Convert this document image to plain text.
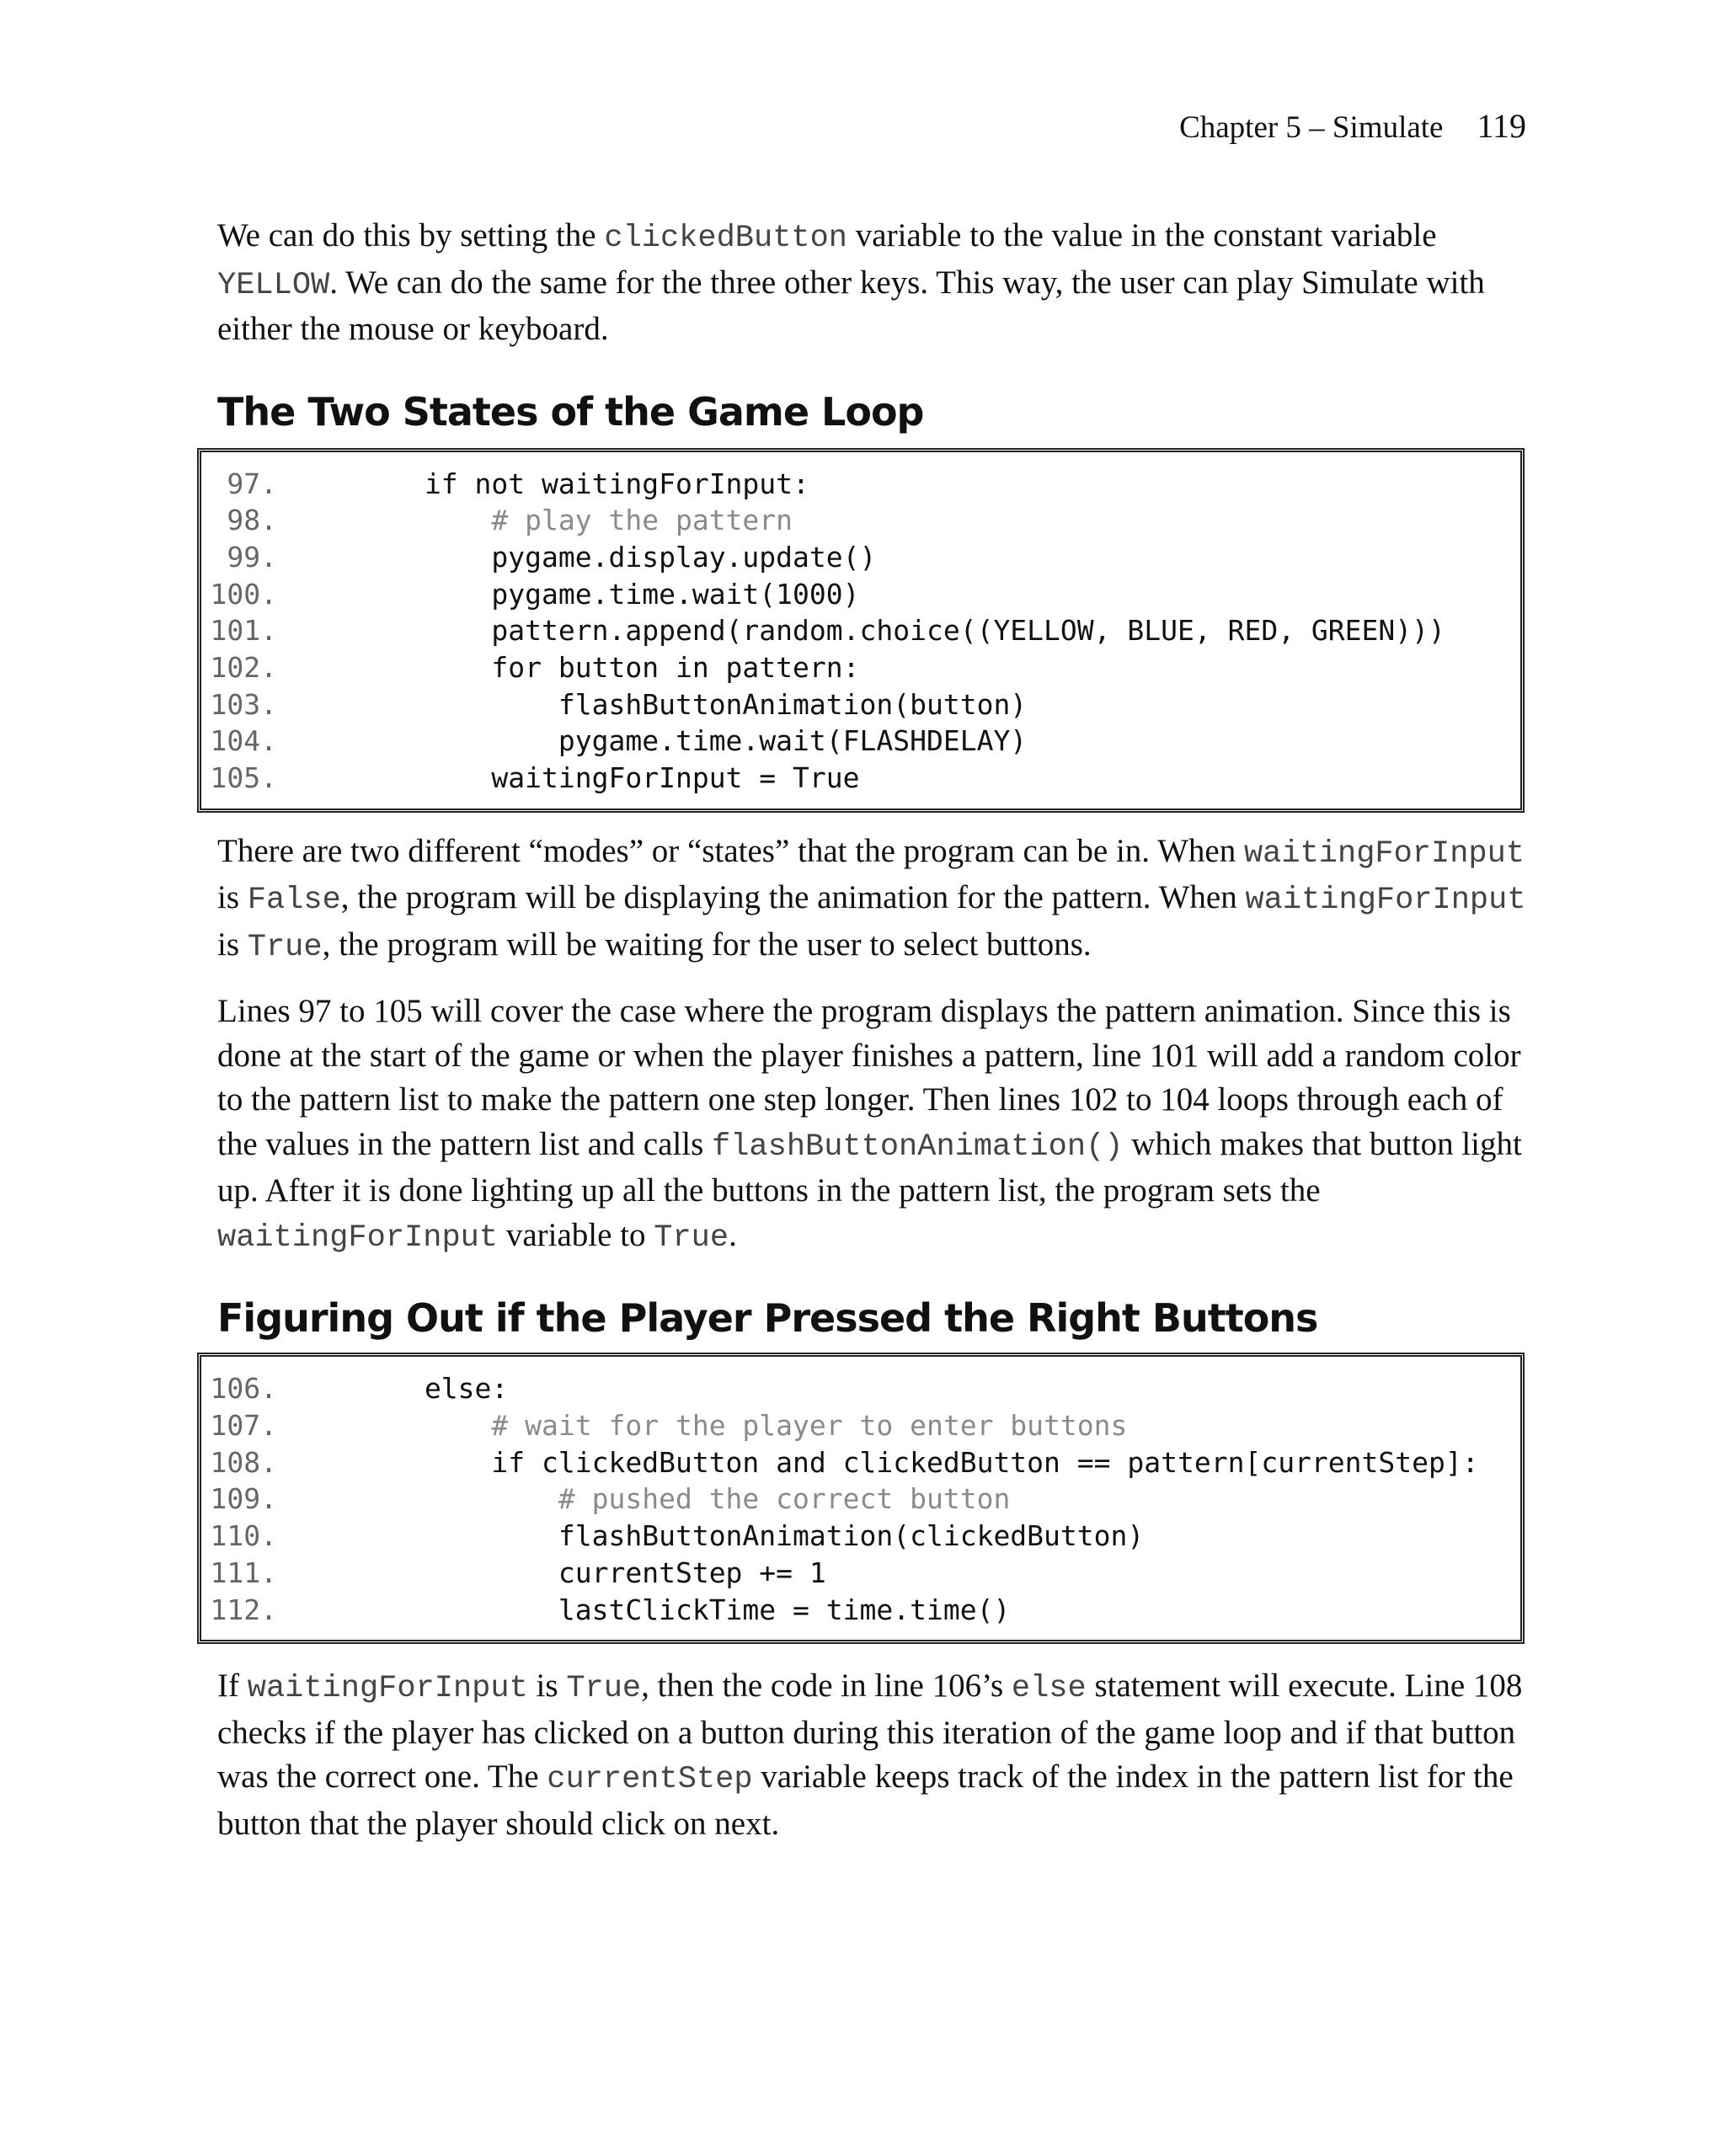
Chapter 5 – Simulate 119

We can do this by setting the clickedButton variable to the value in the constant variable YELLOW. We can do the same for the three other keys. This way, the user can play Simulate with either the mouse or keyboard.

The Two States of the Game Loop
97. if not waitingForInput:
98. # play the pattern
99. pygame.display.update()
100. pygame.time.wait(1000)
101. pattern.append(random.choice((YELLOW, BLUE, RED, GREEN)))
102. for button in pattern:
103. flashButtonAnimation(button)
104. pygame.time.wait(FLASHDELAY)
105. waitingForInput = True

There are two different “modes” or “states” that the program can be in. When waitingForInput is False, the program will be displaying the animation for the pattern. When waitingForInput is True, the program will be waiting for the user to select buttons.

Lines 97 to 105 will cover the case where the program displays the pattern animation. Since this is done at the start of the game or when the player finishes a pattern, line 101 will add a random color to the pattern list to make the pattern one step longer. Then lines 102 to 104 loops through each of the values in the pattern list and calls flashButtonAnimation() which makes that button light up. After it is done lighting up all the buttons in the pattern list, the program sets the waitingForInput variable to True.

Figuring Out if the Player Pressed the Right Buttons
106. else:
107. # wait for the player to enter buttons
108. if clickedButton and clickedButton == pattern[currentStep]:
109. # pushed the correct button
110. flashButtonAnimation(clickedButton)
111. currentStep += 1
112. lastClickTime = time.time()

If waitingForInput is True, then the code in line 106’s else statement will execute. Line 108 checks if the player has clicked on a button during this iteration of the game loop and if that button was the correct one. The currentStep variable keeps track of the index in the pattern list for the button that the player should click on next.
